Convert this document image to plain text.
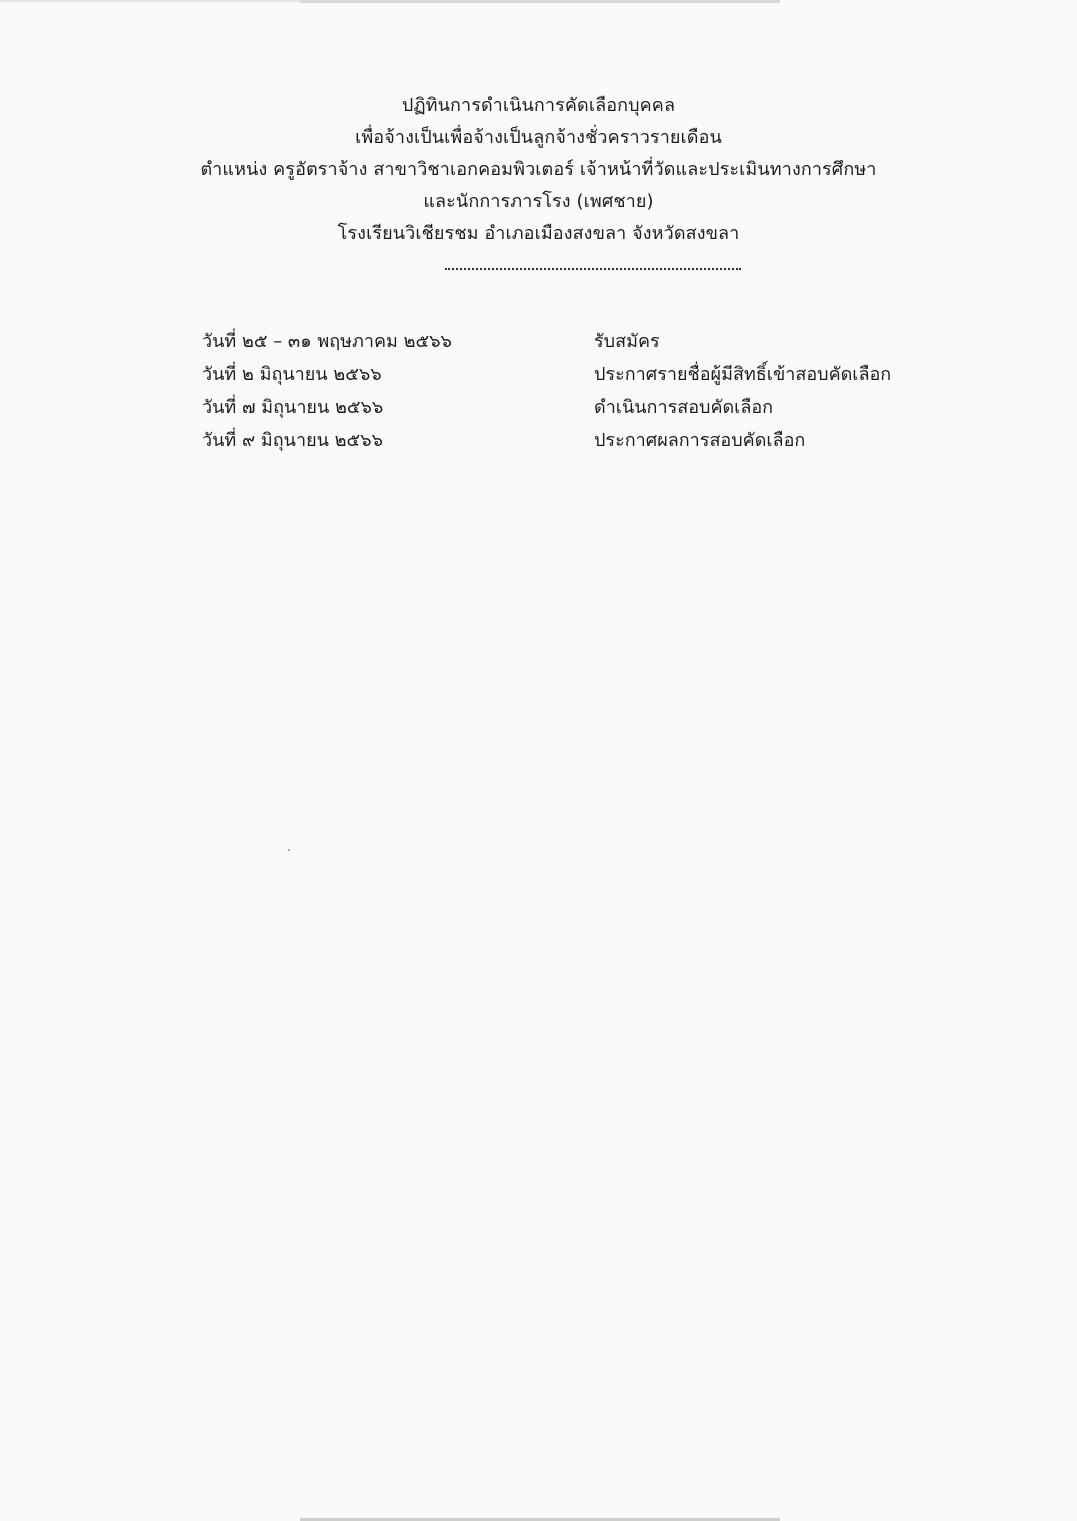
ปฏิทินการดำเนินการคัดเลือกบุคคล
เพื่อจ้างเป็นเพื่อจ้างเป็นลูกจ้างชั่วคราวรายเดือน
ตำแหน่ง ครูอัตราจ้าง สาขาวิชาเอกคอมพิวเตอร์ เจ้าหน้าที่วัดและประเมินทางการศึกษา
และนักการภารโรง (เพศชาย)
โรงเรียนวิเชียรชม อำเภอเมืองสงขลา จังหวัดสงขลา
วันที่ ๒๕ – ๓๑ พฤษภาคม ๒๕๖๖	รับสมัคร
วันที่ ๒ มิถุนายน ๒๕๖๖	ประกาศรายชื่อผู้มีสิทธิ์เข้าสอบคัดเลือก
วันที่ ๗ มิถุนายน ๒๕๖๖	ดำเนินการสอบคัดเลือก
วันที่ ๙ มิถุนายน ๒๕๖๖	ประกาศผลการสอบคัดเลือก
